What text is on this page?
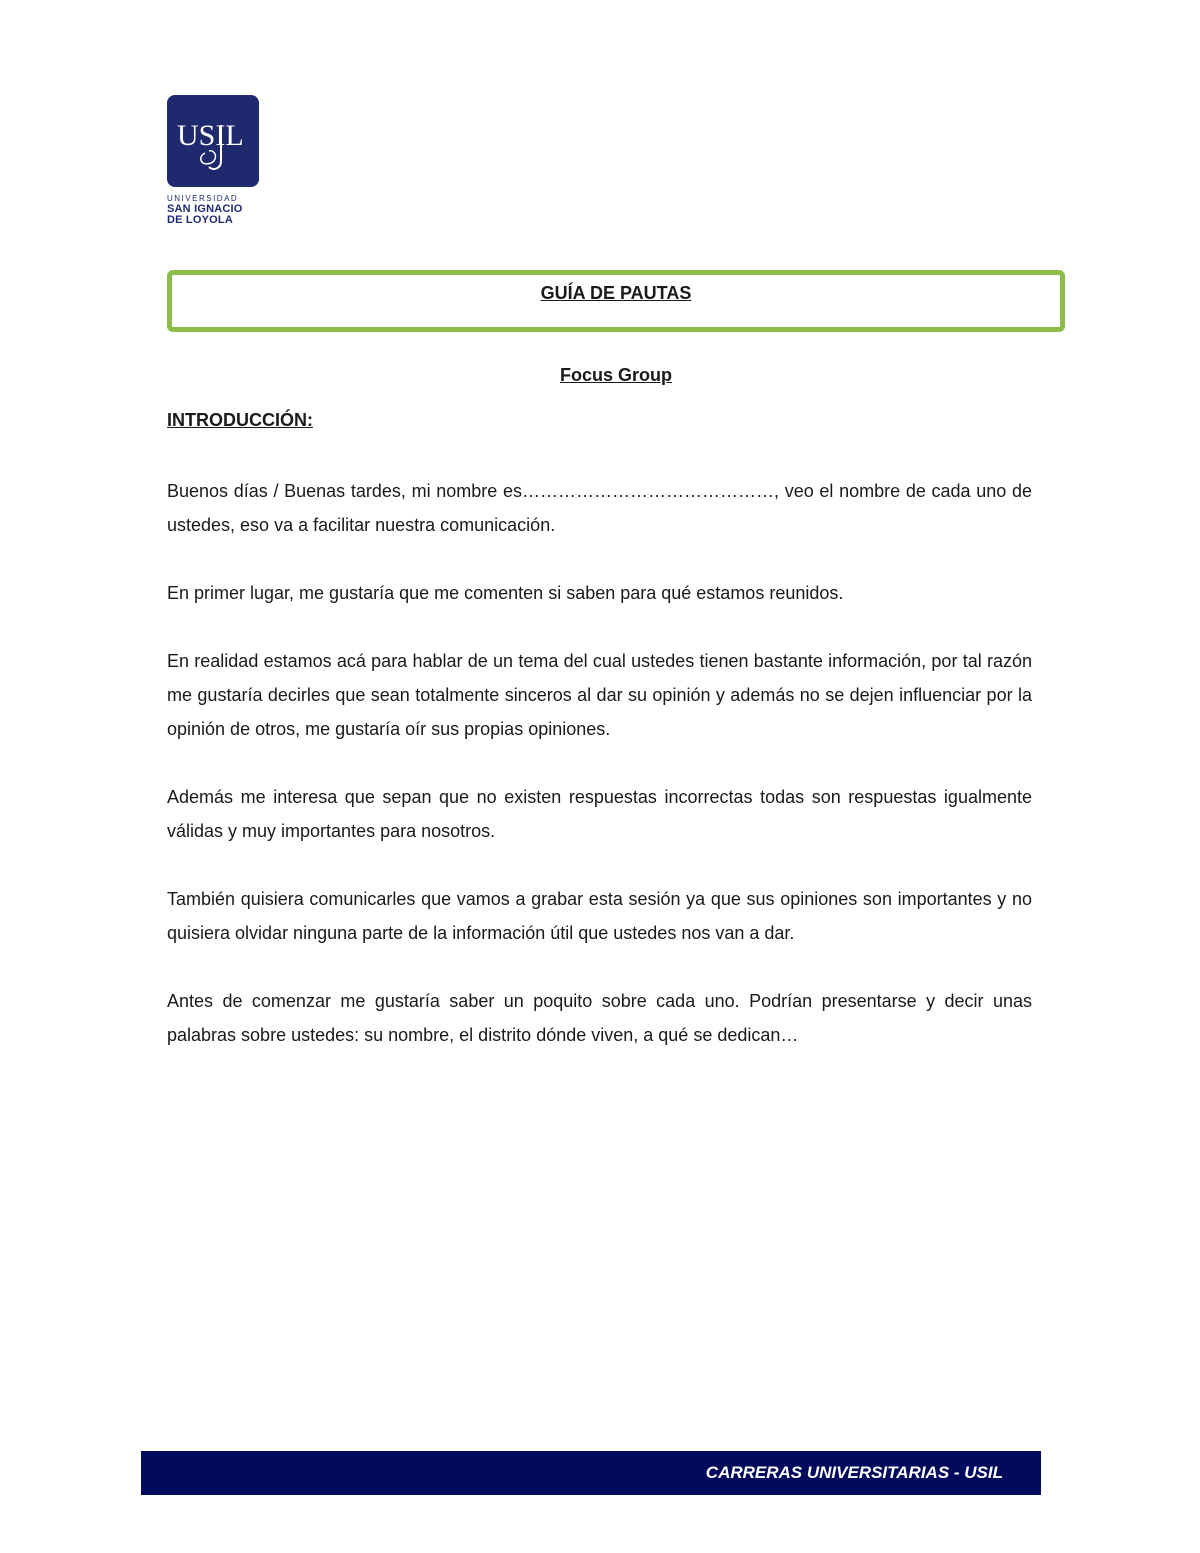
USIL
UNIVERSIDAD
SAN IGNACIO
DE LOYOLA
GUÍA DE PAUTAS
Focus Group
INTRODUCCIÓN:

Buenos días / Buenas tardes, mi nombre es……………………………………, veo el nombre de cada uno de ustedes, eso va a facilitar nuestra comunicación.

En primer lugar, me gustaría que me comenten si saben para qué estamos reunidos.

En realidad estamos acá para hablar de un tema del cual ustedes tienen bastante información, por tal razón me gustaría decirles que sean totalmente sinceros al dar su opinión y además no se dejen influenciar por la opinión de otros, me gustaría oír sus propias opiniones.

Además me interesa que sepan que no existen respuestas incorrectas todas son respuestas igualmente válidas y muy importantes para nosotros.

También quisiera comunicarles que vamos a grabar esta sesión ya que sus opiniones son importantes y no quisiera olvidar ninguna parte de la información útil que ustedes nos van a dar.

Antes de comenzar me gustaría saber un poquito sobre cada uno. Podrían presentarse y decir unas palabras sobre ustedes: su nombre, el distrito dónde viven, a qué se dedican…

CARRERAS UNIVERSITARIAS - USIL
